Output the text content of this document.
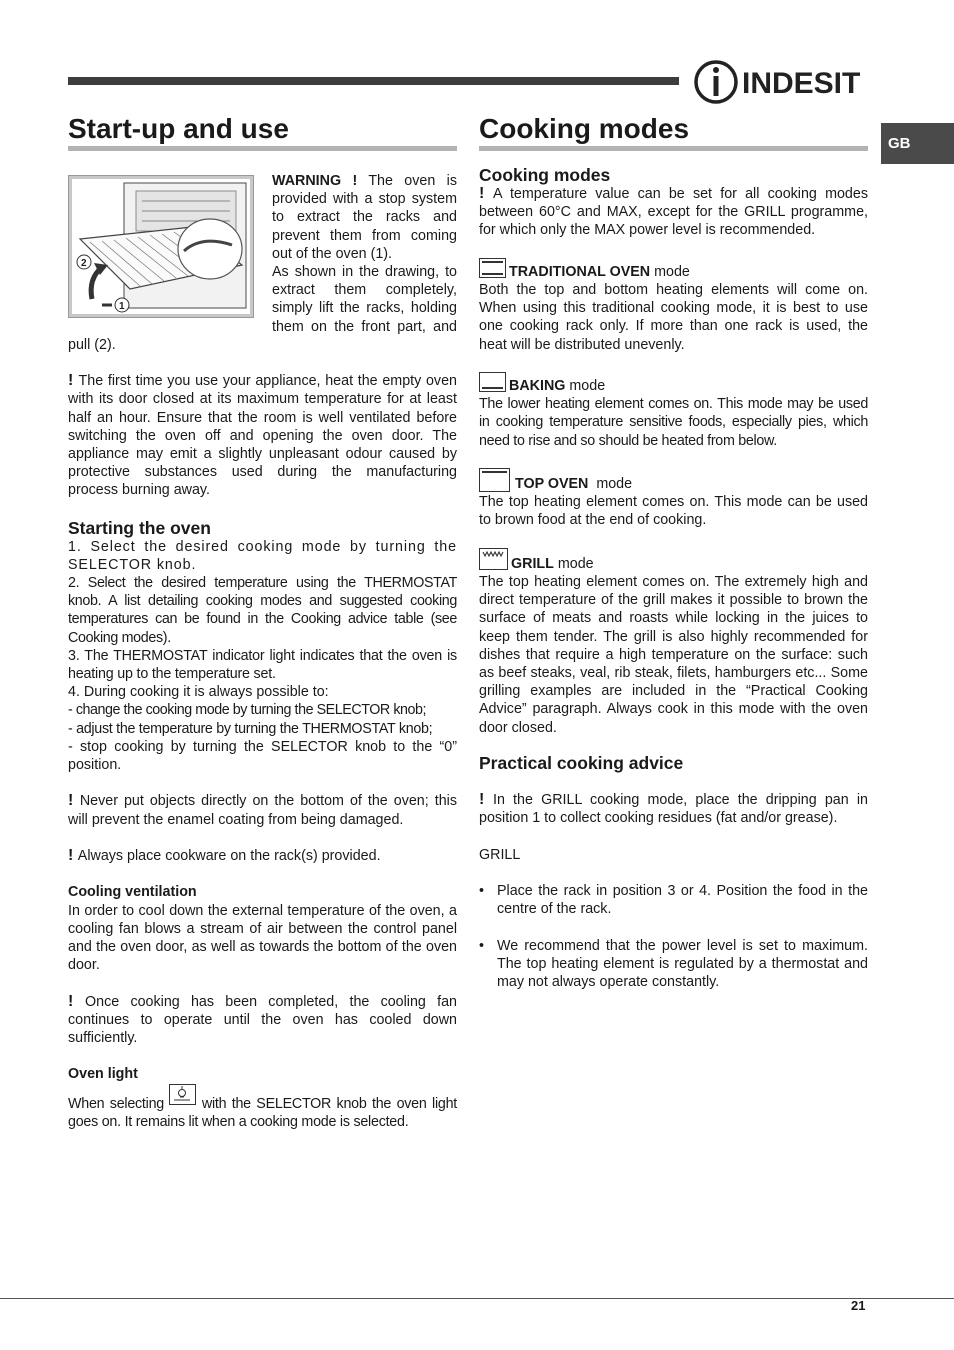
INDESIT
GB
Start-up and use
2
1

WARNING ! The oven is provided with a stop system to extract the racks and prevent them from coming out of the oven (1).

As shown in the drawing, to extract them completely, simply lift the racks, holding them on the front part, and pull (2).

! The first time you use your appliance, heat the empty oven with its door closed at its maximum temperature for at least half an hour. Ensure that the room is well ventilated before switching the oven off and opening the oven door. The appliance may emit a slightly unpleasant odour caused by protective substances used during the manufacturing process burning away.

Starting the oven

1. Select the desired cooking mode by turning the SELECTOR knob.

2. Select the desired temperature using the THERMOSTAT knob. A list detailing cooking modes and suggested cooking temperatures can be found in the Cooking advice table (see Cooking modes).

3. The THERMOSTAT indicator light indicates that the oven is heating up to the temperature set.

4. During cooking it is always possible to:

- change the cooking mode by turning the SELECTOR knob;

- adjust the temperature by turning the THERMOSTAT knob;

- stop cooking by turning the SELECTOR knob to the “0” position.

! Never put objects directly on the bottom of the oven; this will prevent the enamel coating from being damaged.

! Always place cookware on the rack(s) provided.

Cooling ventilation

In order to cool down the external temperature of the oven, a cooling fan blows a stream of air between the control panel and the oven door, as well as towards the bottom of the oven door.

! Once cooking has been completed, the cooling fan continues to operate until the oven has cooled down sufficiently.

Oven light

When selecting	with the SELECTOR knob the oven light goes on. It remains lit when a cooking mode is selected.

Cooking modes
Cooking modes

! A temperature value can be set for all cooking modes between 60°C and MAX, except for the GRILL programme, for which only the MAX power level is recommended.

TRADITIONAL OVEN mode

Both the top and bottom heating elements will come on. When using this traditional cooking mode, it is best to use one cooking rack only. If more than one rack is used, the heat will be distributed unevenly.

BAKING mode

The lower heating element comes on. This mode may be used in cooking temperature sensitive foods, especially pies, which need to rise and so should be heated from below.

TOP OVEN  mode

The top heating element comes on. This mode can be used to brown food at the end of cooking.

GRILL mode

The top heating element comes on. The extremely high and direct temperature of the grill makes it possible to brown the surface of meats and roasts while locking in the juices to keep them tender. The grill is also highly recommended for dishes that require a high temperature on the surface: such as beef steaks, veal, rib steak, filets, hamburgers etc... Some grilling examples are included in the “Practical Cooking Advice” paragraph. Always cook in this mode with the oven door closed.

Practical cooking advice

! In the GRILL cooking mode, place the dripping pan in position 1 to collect cooking residues (fat and/or grease).

GRILL

• Place the rack in position 3 or 4. Position the food in the centre of the rack.
• We recommend that the power level is set to maximum. The top heating element is regulated by a thermostat and may not always operate constantly.
21
